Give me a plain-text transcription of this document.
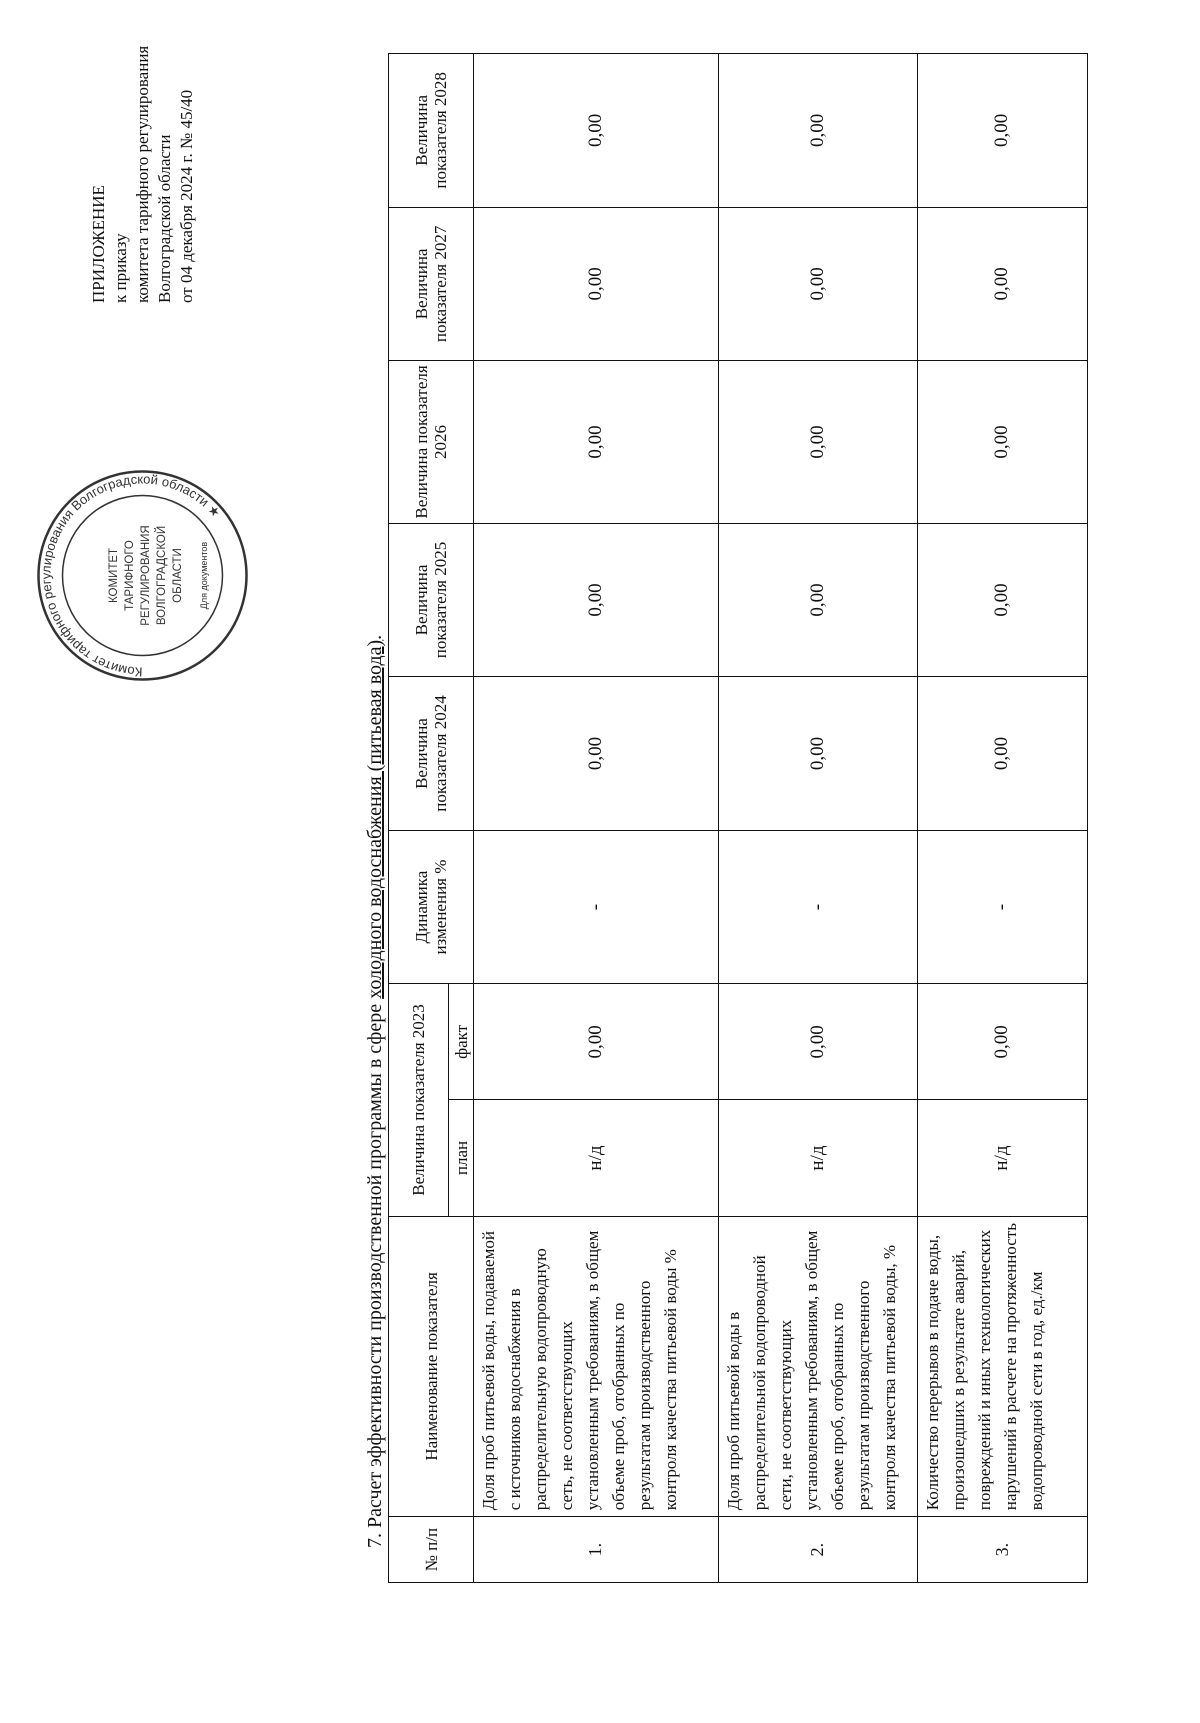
Комитет тарифного регулирования Волгоградской области ★
КОМИТЕТ ТАРИФНОГО РЕГУЛИРОВАНИЯ ВОЛГОГРАДСКОЙ ОБЛАСТИ Для документов
ПРИЛОЖЕНИЕ к приказу комитета тарифного регулирования Волгоградской области от 04 декабря 2024 г. № 45/40
7. Расчет эффективности производственной программы в сфере холодного водоснабжения (питьевая вода).
№ п/п	Наименование показателя	Величина показателя 2023		Динамика изменения %	Величина показателя 2024	Величина показателя 2025	Величина показателя 2026	Величина показателя 2027	Величина показателя 2028
		план	факт						
1.	Доля проб питьевой воды, подаваемой с источников водоснабжения в распределительную водопроводную сеть, не соответствующих установленным требованиям, в общем объеме проб, отобранных по результатам производственного контроля качества питьевой воды %	н/д	0,00	-	0,00	0,00	0,00	0,00	0,00
2.	Доля проб питьевой воды в распределительной водопроводной сети, не соответствующих установленным требованиям, в общем объеме проб, отобранных по результатам производственного контроля качества питьевой воды, %	н/д	0,00	-	0,00	0,00	0,00	0,00	0,00
3.	Количество перерывов в подаче воды, произошедших в результате аварий, повреждений и иных технологических нарушений в расчете на протяженность водопроводной сети в год, ед./км	н/д	0,00	-	0,00	0,00	0,00	0,00	0,00
